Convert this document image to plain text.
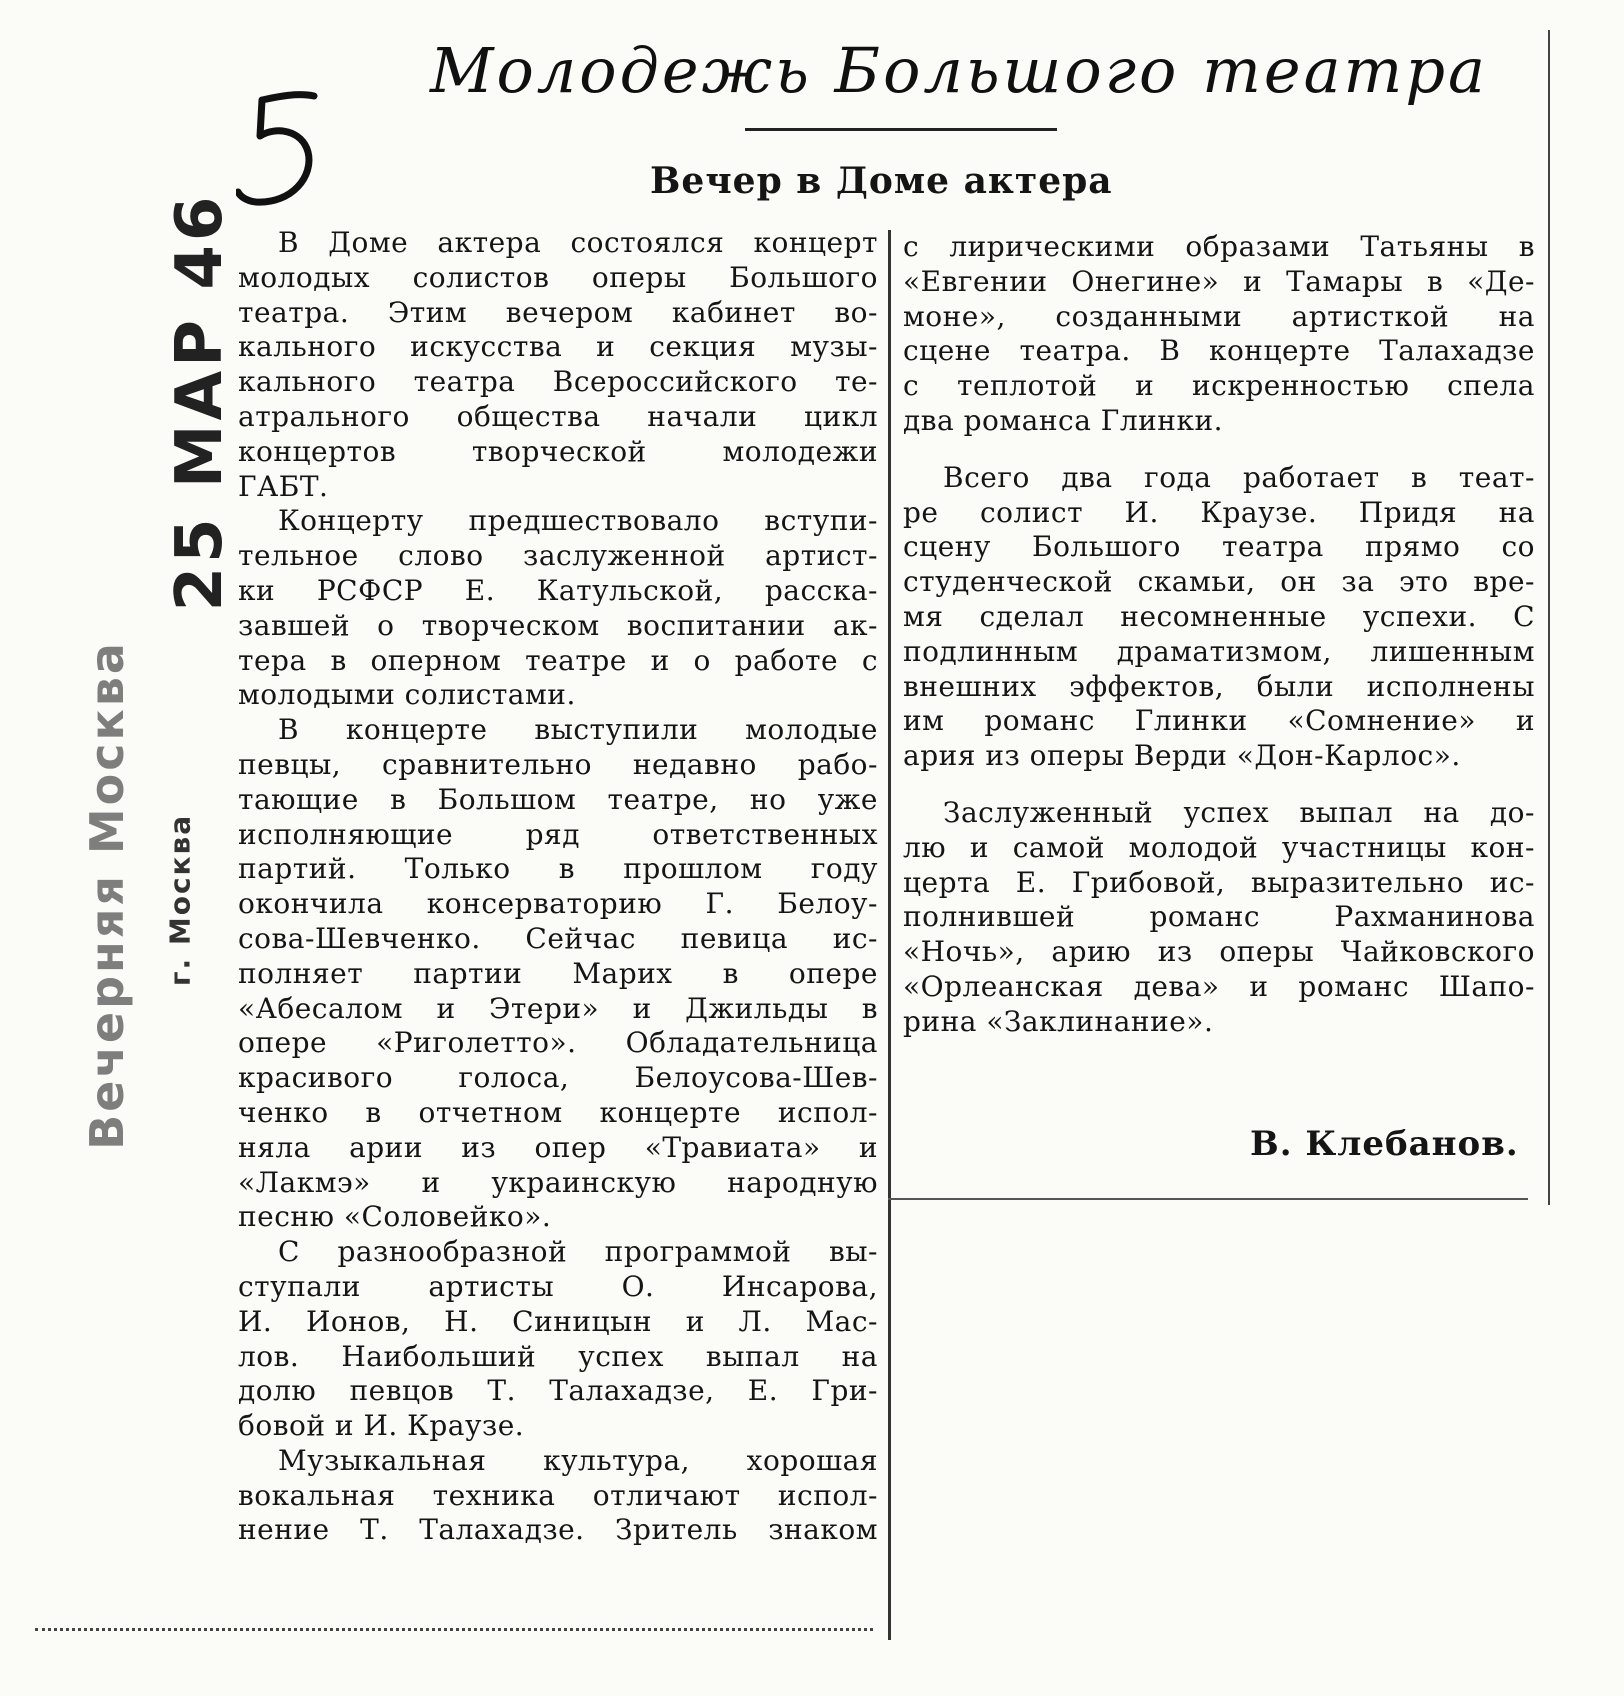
Молодежь Большого театра
Вечер в Доме актера
25 МАР 46
г. Москва
Вечерняя Москва

В Доме актера состоялся концерт
молодых солистов оперы Большого
театра. Этим вечером кабинет во-
кального искусства и секция музы-
кального театра Всероссийского те-
атрального общества начали цикл
концертов творческой молодежи
ГАБТ.

Концерту предшествовало вступи-
тельное слово заслуженной артист-
ки РСФСР Е. Катульской, расска-
завшей о творческом воспитании ак-
тера в оперном театре и о работе с
молодыми солистами.

В концерте выступили молодые
певцы, сравнительно недавно рабо-
тающие в Большом театре, но уже
исполняющие ряд ответственных
партий. Только в прошлом году
окончила консерваторию Г. Белоу-
сова-Шевченко. Сейчас певица ис-
полняет партии Марих в опере
«Абесалом и Этери» и Джильды в
опере «Риголетто». Обладательница
красивого голоса, Белоусова-Шев-
ченко в отчетном концерте испол-
няла арии из опер «Травиата» и
«Лакмэ» и украинскую народную
песню «Соловейко».

С разнообразной программой вы-
ступали артисты О. Инсарова,
И. Ионов, Н. Синицын и Л. Мас-
лов. Наибольший успех выпал на
долю певцов Т. Талахадзе, Е. Гри-
бовой и И. Краузе.

Музыкальная культура, хорошая
вокальная техника отличают испол-
нение Т. Талахадзе. Зритель знаком

с лирическими образами Татьяны в
«Евгении Онегине» и Тамары в «Де-
моне», созданными артисткой на
сцене театра. В концерте Талахадзе
с теплотой и искренностью спела
два романса Глинки.

Всего два года работает в теат-
ре солист И. Краузе. Придя на
сцену Большого театра прямо со
студенческой скамьи, он за это вре-
мя сделал несомненные успехи. С
подлинным драматизмом, лишенным
внешних эффектов, были исполнены
им романс Глинки «Сомнение» и
ария из оперы Верди «Дон-Карлос».

Заслуженный успех выпал на до-
лю и самой молодой участницы кон-
церта Е. Грибовой, выразительно ис-
полнившей романс Рахманинова
«Ночь», арию из оперы Чайковского
«Орлеанская дева» и романс Шапо-
рина «Заклинание».

В. Клебанов.
